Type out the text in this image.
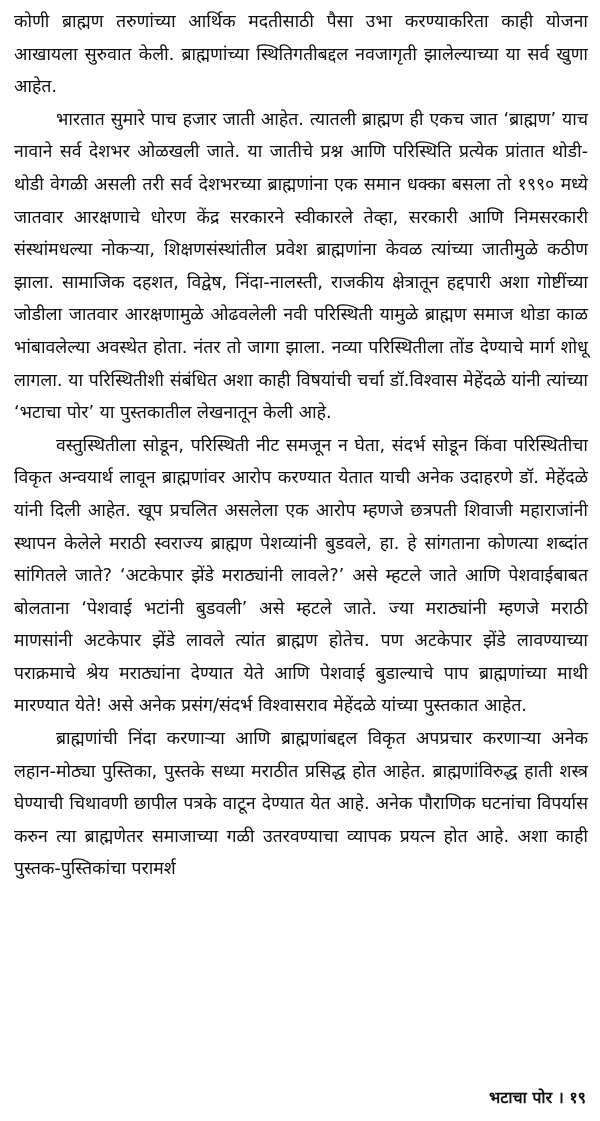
कोणी ब्राह्मण तरुणांच्या आर्थिक मदतीसाठी पैसा उभा करण्याकरिता काही योजना आखायला सुरुवात केली. ब्राह्मणांच्या स्थितिगतीबद्दल नवजागृती झालेल्याच्या या सर्व खुणा आहेत.

भारतात सुमारे पाच हजार जाती आहेत. त्यातली ब्राह्मण ही एकच जात ‘ब्राह्मण’ याच नावाने सर्व देशभर ओळखली जाते. या जातीचे प्रश्न आणि परिस्थिति प्रत्येक प्रांतात थोडी-थोडी वेगळी असली तरी सर्व देशभरच्या ब्राह्मणांना एक समान धक्का बसला तो १९९० मध्ये जातवार आरक्षणाचे धोरण केंद्र सरकारने स्वीकारले तेव्हा, सरकारी आणि निमसरकारी संस्थांमधल्या नोकऱ्या, शिक्षणसंस्थांतील प्रवेश ब्राह्मणांना केवळ त्यांच्या जातीमुळे कठीण झाला. सामाजिक दहशत, विद्वेष, निंदा-नालस्ती, राजकीय क्षेत्रातून हद्दपारी अशा गोष्टींच्या जोडीला जातवार आरक्षणामुळे ओढवलेली नवी परिस्थिती यामुळे ब्राह्मण समाज थोडा काळ भांबावलेल्या अवस्थेत होता. नंतर तो जागा झाला. नव्या परिस्थितीला तोंड देण्याचे मार्ग शोधू लागला. या परिस्थितीशी संबंधित अशा काही विषयांची चर्चा डॉ.विश्वास मेहेंदळे यांनी त्यांच्या ‘भटाचा पोर’ या पुस्तकातील लेखनातून केली आहे.

वस्तुस्थितीला सोडून, परिस्थिती नीट समजून न घेता, संदर्भ सोडून किंवा परिस्थितीचा विकृत अन्वयार्थ लावून ब्राह्मणांवर आरोप करण्यात येतात याची अनेक उदाहरणे डॉ. मेहेंदळे यांनी दिली आहेत. खूप प्रचलित असलेला एक आरोप म्हणजे छत्रपती शिवाजी महाराजांनी स्थापन केलेले मराठी स्वराज्य ब्राह्मण पेशव्यांनी बुडवले, हा. हे सांगताना कोणत्या शब्दांत सांगितले जाते? ‘अटकेपार झेंडे मराठ्यांनी लावले?’ असे म्हटले जाते आणि पेशवाईबाबत बोलताना ‘पेशवाई भटांनी बुडवली’ असे म्हटले जाते. ज्या मराठ्यांनी म्हणजे मराठी माणसांनी अटकेपार झेंडे लावले त्यांत ब्राह्मण होतेच. पण अटकेपार झेंडे लावण्याच्या पराक्रमाचे श्रेय मराठ्यांना देण्यात येते आणि पेशवाई बुडाल्याचे पाप ब्राह्मणांच्या माथी मारण्यात येते! असे अनेक प्रसंग/संदर्भ विश्वासराव मेहेंदळे यांच्या पुस्तकात आहेत.

ब्राह्मणांची निंदा करणाऱ्या आणि ब्राह्मणांबद्दल विकृत अपप्रचार करणाऱ्या अनेक लहान-मोठ्या पुस्तिका, पुस्तके सध्या मराठीत प्रसिद्ध होत आहेत. ब्राह्मणांविरुद्ध हाती शस्त्र घेण्याची चिथावणी छापील पत्रके वाटून देण्यात येत आहे. अनेक पौराणिक घटनांचा विपर्यास करुन त्या ब्राह्मणेतर समाजाच्या गळी उतरवण्याचा व्यापक प्रयत्न होत आहे. अशा काही पुस्तक-पुस्तिकांचा परामर्श

भटाचा पोर । १९
